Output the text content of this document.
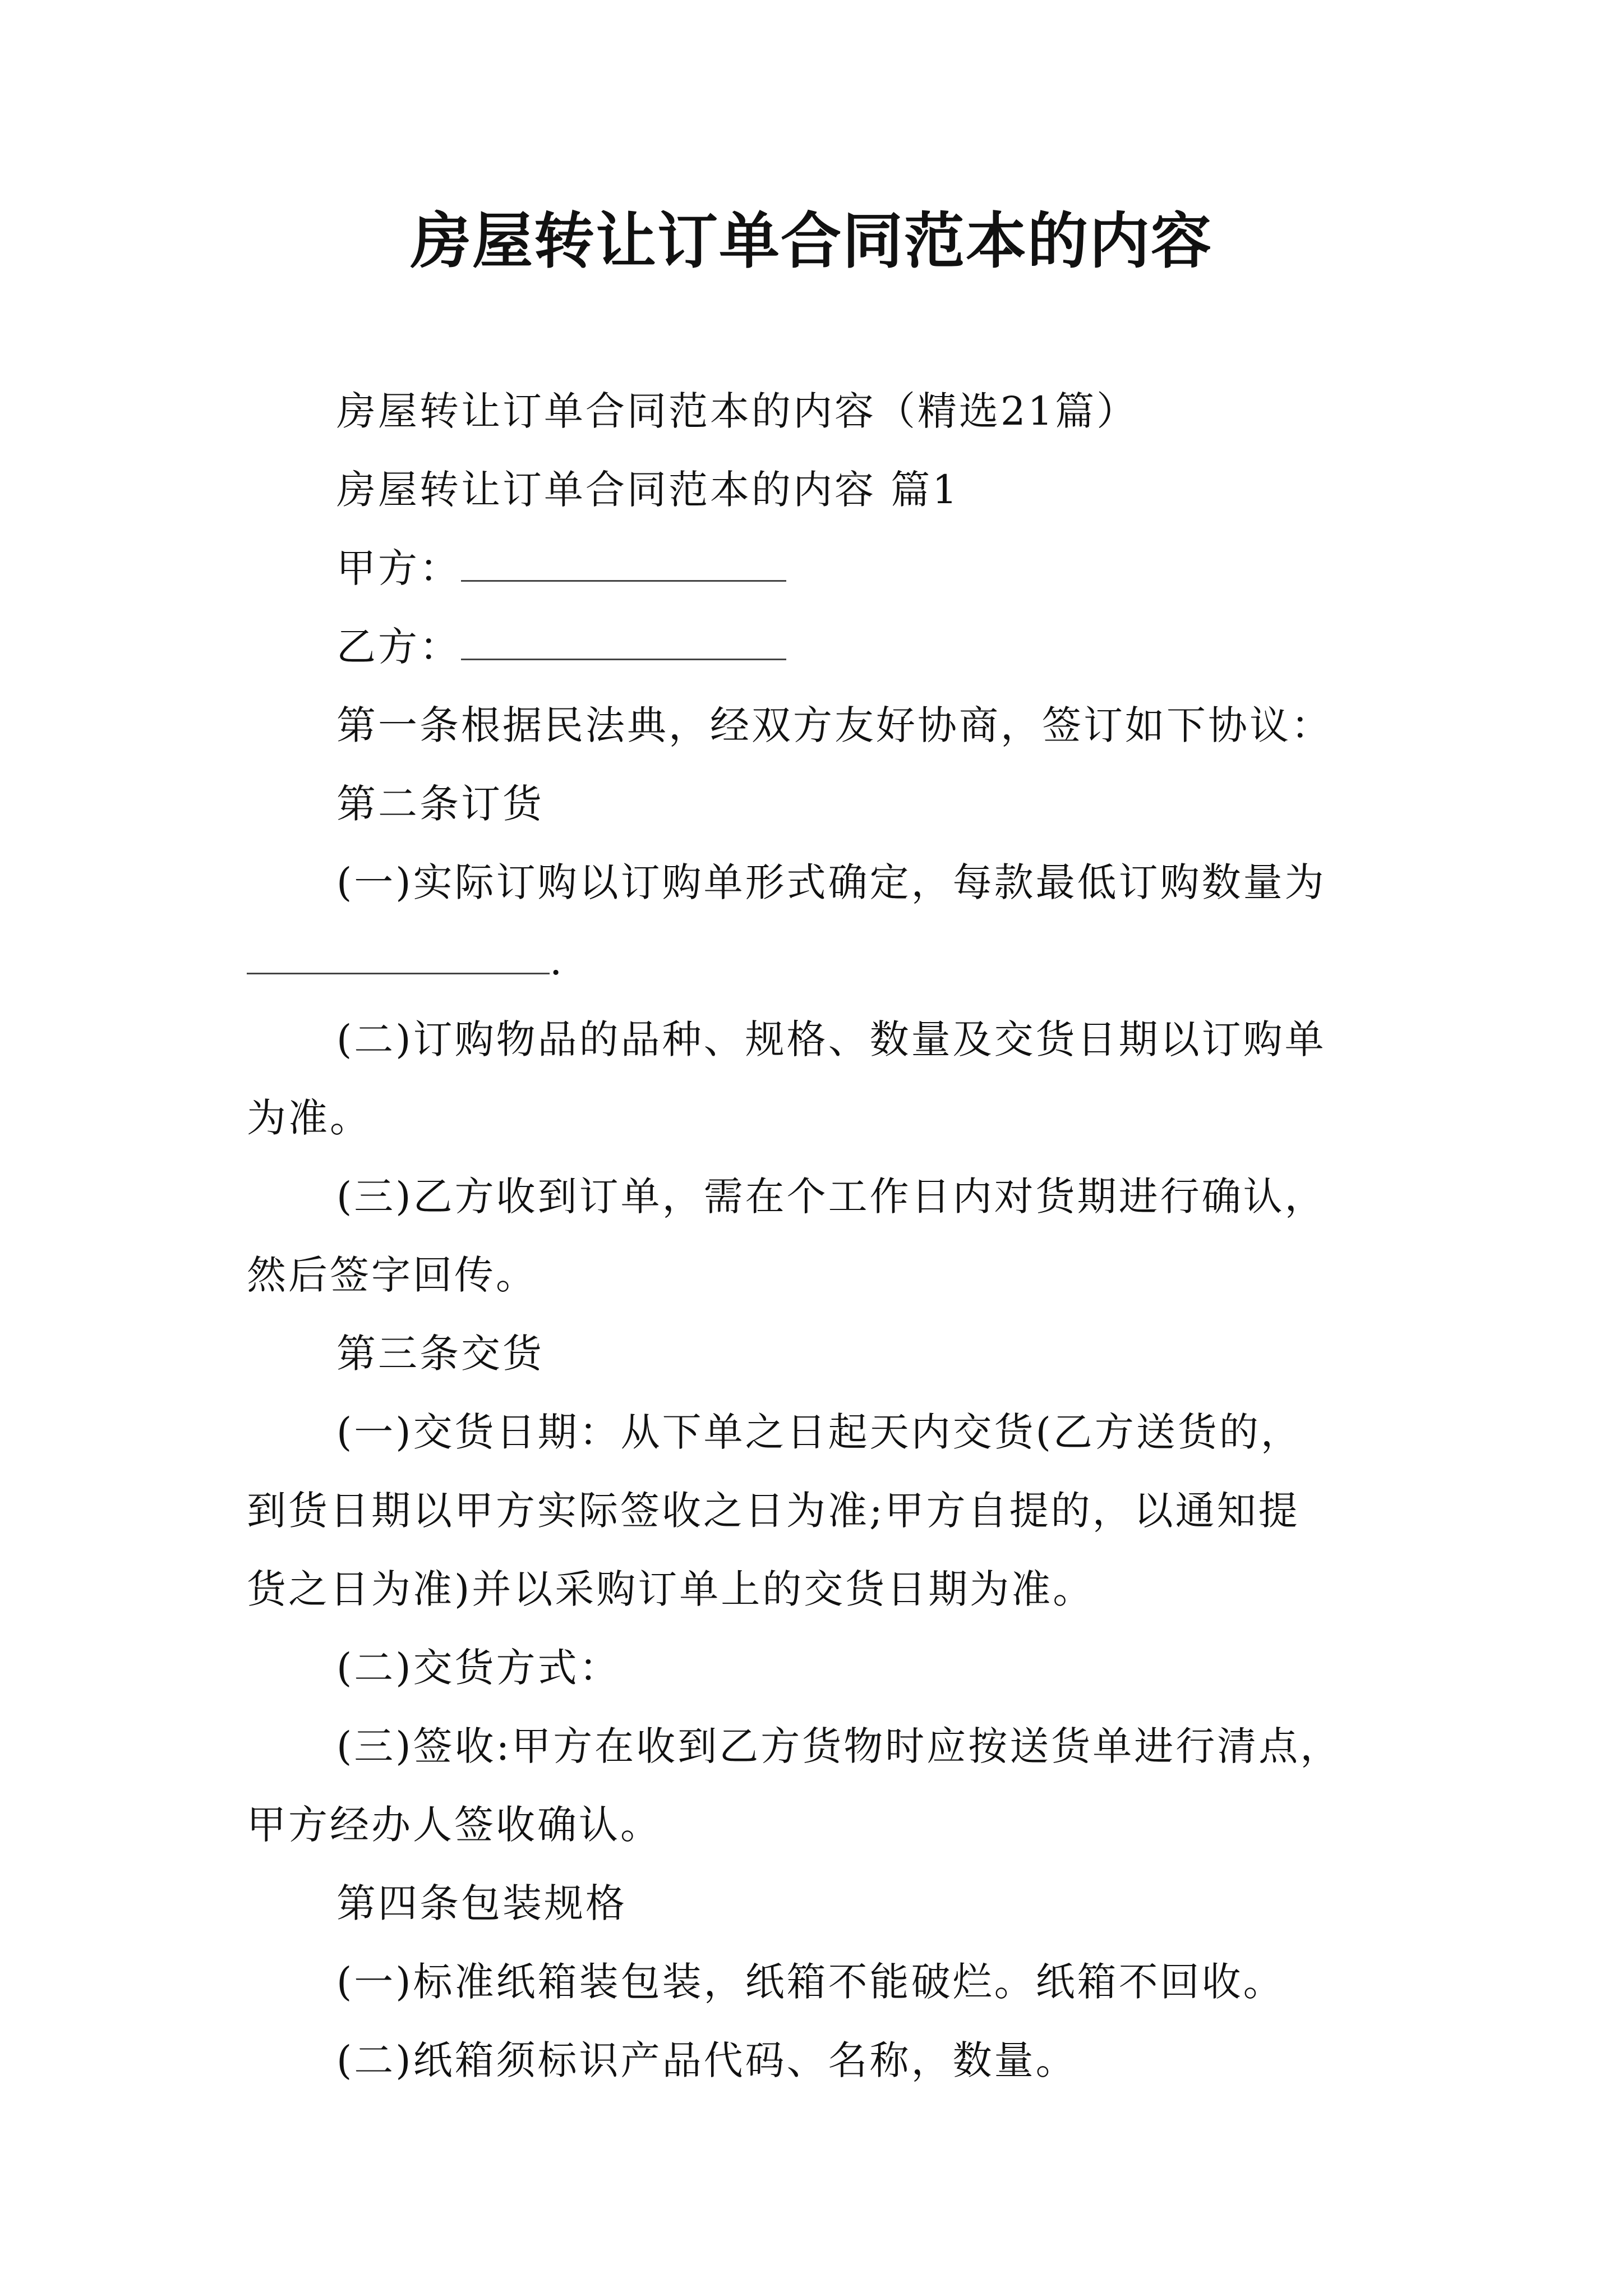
房屋转让订单合同范本的内容
房屋转让订单合同范本的内容（精选21篇）
房屋转让订单合同范本的内容 篇1
甲方：
乙方：
第一条根据民法典，经双方友好协商，签订如下协议：
第二条订货
(一)实际订购以订购单形式确定，每款最低订购数量为
.
(二)订购物品的品种、规格、数量及交货日期以订购单
为准。
(三)乙方收到订单，需在个工作日内对货期进行确认，
然后签字回传。
第三条交货
(一)交货日期：从下单之日起天内交货(乙方送货的，
到货日期以甲方实际签收之日为准;甲方自提的，以通知提
货之日为准)并以采购订单上的交货日期为准。
(二)交货方式：
(三)签收:甲方在收到乙方货物时应按送货单进行清点，
甲方经办人签收确认。
第四条包装规格
(一)标准纸箱装包装，纸箱不能破烂。纸箱不回收。
(二)纸箱须标识产品代码、名称，数量。
